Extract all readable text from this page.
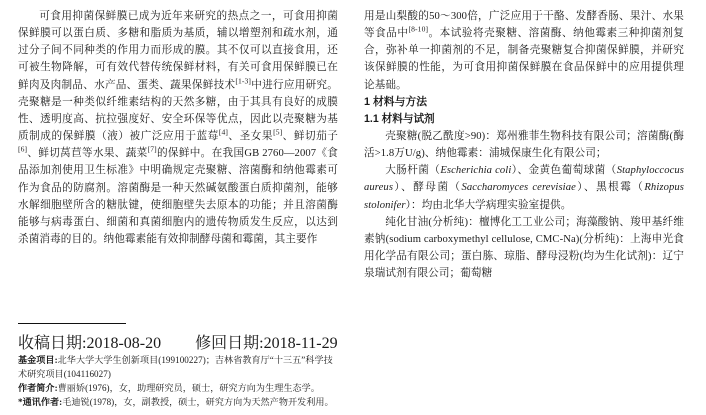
可食用抑菌保鲜膜已成为近年来研究的热点之一，可食用抑菌保鲜膜可以蛋白质、多糖和脂质为基质，辅以增塑剂和疏水剂，通过分子间不同种类的作用力而形成的膜。其不仅可以直接食用，还可被生物降解，可有效代替传统保鲜材料，有关可食用保鲜膜已在鲜肉及肉制品、水产品、蛋类、蔬果保鲜技术[1-3]中进行应用研究。壳聚糖是一种类似纤维素结构的天然多糖，由于其具有良好的成膜性、透明度高、抗拉强度好、安全环保等优点，因此以壳聚糖为基质制成的保鲜膜（液）被广泛应用于蓝莓[4]、圣女果[5]、鲜切茄子[6]、鲜切莴苣等水果、蔬菜[7]的保鲜中。在我国GB 2760—2007《食品添加剂使用卫生标准》中明确规定壳聚糖、溶菌酶和纳他霉素可作为食品的防腐剂。溶菌酶是一种天然碱氨酸蛋白质抑菌剂，能够水解细胞壁所含的糖肽键，使细胞壁失去原本的功能；并且溶菌酶能够与病毒蛋白、细菌和真菌细胞内的遗传物质发生反应，以达到杀菌消毒的目的。纳他霉素能有效抑制酵母菌和霉菌，其主要作

收稿日期:2018-08-20 修回日期:2018-11-29

基金项目:北华大学大学生创新项目(199100227)；吉林省教育厅“十三五”科学技术研究项目(104116027)

作者简介:曹丽娇(1976)，女，助理研究员，硕士，研究方向为生理生态学。

*通讯作者:毛迪锐(1978)，女，副教授，硕士，研究方向为天然产物开发利用。

用是山梨酸的50～300倍，广泛应用于干酪、发酵香肠、果汁、水果等食品中[8-10]。本试验将壳聚糖、溶菌酶、纳他霉素三种抑菌剂复合，弥补单一抑菌剂的不足，制备壳聚糖复合抑菌保鲜膜，并研究该保鲜膜的性能，为可食用抑菌保鲜膜在食品保鲜中的应用提供理论基础。

1 材料与方法
1.1 材料与试剂

壳聚糖(脱乙酰度>90)：郑州雅菲生物科技有限公司；溶菌酶(酶活>1.8万U/g)、纳他霉素：浦城保康生化有限公司；

大肠杆菌（Escherichia coli）、金黄色葡萄球菌（Staphyloccocus aureus）、酵母菌（Saccharomyces cerevisiae）、黑根霉（Rhizopus stolonifer）：均由北华大学病理实验室提供。

纯化甘油(分析纯)：檀博化工工业公司；海藻酸钠、羧甲基纤维素钠(sodium carboxymethyl cellulose, CMC-Na)(分析纯)：上海申光食用化学品有限公司；蛋白胨、琼脂、酵母浸粉(均为生化试剂)：辽宁泉瑞试剂有限公司；葡萄糖
